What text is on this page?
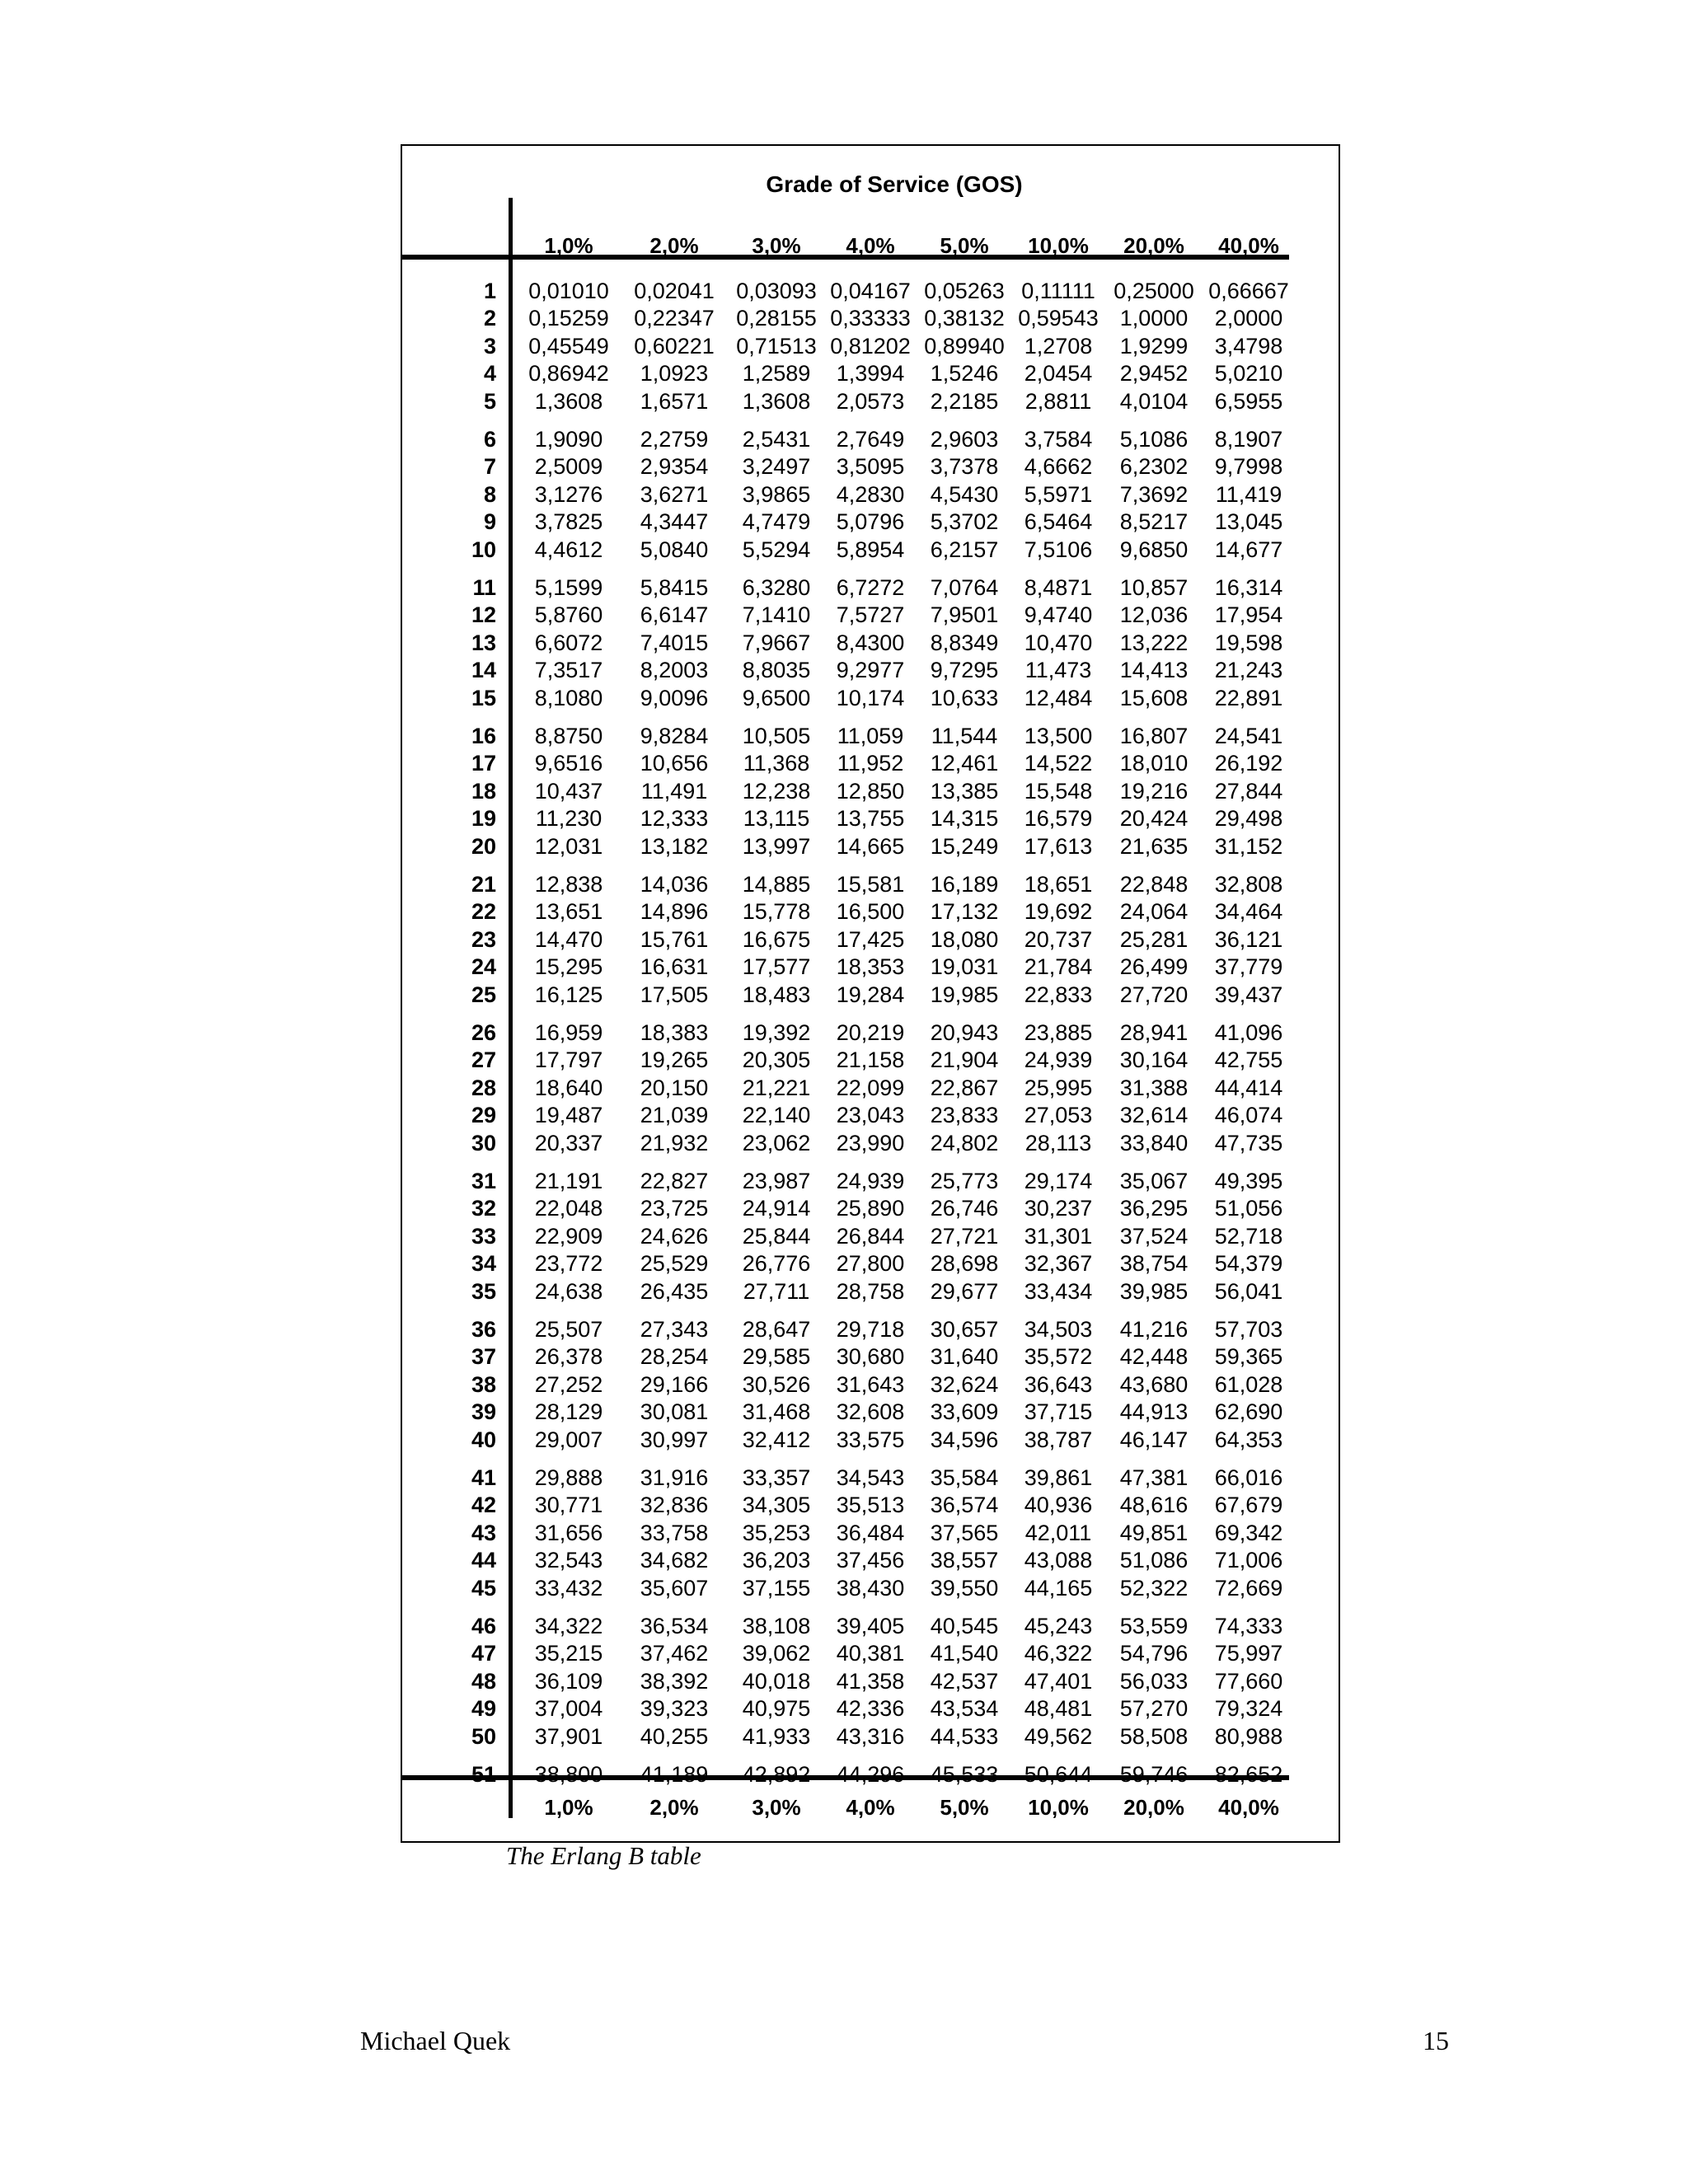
Grade of Service (GOS)
1,0%	2,0%	3,0%	4,0%	5,0%	10,0%	20,0%	40,0%
1	0,01010	0,02041 0,03093 0,04167 0,05263 0,11111 0,25000 0,66667
2	0,15259	0,22347 0,28155 0,33333 0,38132 0,59543 1,0000	2,0000
3	0,45549	0,60221 0,71513 0,81202 0,89940 1,2708	1,9299	3,4798
4	0,86942	1,0923	1,2589	1,3994	1,5246	2,0454	2,9452	5,0210
5	1,3608	1,6571	1,3608	2,0573	2,2185	2,8811	4,0104	6,5955
6	1,9090	2,2759	2,5431	2,7649	2,9603	3,7584	5,1086	8,1907
7	2,5009	2,9354	3,2497	3,5095	3,7378	4,6662	6,2302	9,7998
8	3,1276	3,6271	3,9865	4,2830	4,5430	5,5971	7,3692	11,419
9	3,7825	4,3447	4,7479	5,0796	5,3702	6,5464	8,5217	13,045
10	4,4612	5,0840	5,5294	5,8954	6,2157	7,5106	9,6850	14,677
11	5,1599	5,8415	6,3280	6,7272	7,0764	8,4871	10,857	16,314
12	5,8760	6,6147	7,1410	7,5727	7,9501	9,4740	12,036	17,954
13	6,6072	7,4015	7,9667	8,4300	8,8349	10,470	13,222	19,598
14	7,3517	8,2003	8,8035	9,2977	9,7295	11,473	14,413	21,243
15	8,1080	9,0096	9,6500	10,174	10,633	12,484	15,608	22,891
16	8,8750	9,8284	10,505	11,059	11,544	13,500	16,807	24,541
17	9,6516	10,656	11,368	11,952	12,461	14,522	18,010	26,192
18	10,437	11,491	12,238	12,850	13,385	15,548	19,216	27,844
19	11,230	12,333	13,115	13,755	14,315	16,579	20,424	29,498
20	12,031	13,182	13,997	14,665	15,249	17,613	21,635	31,152
21	12,838	14,036	14,885	15,581	16,189	18,651	22,848	32,808
22	13,651	14,896	15,778	16,500	17,132	19,692	24,064	34,464
23	14,470	15,761	16,675	17,425	18,080	20,737	25,281	36,121
24	15,295	16,631	17,577	18,353	19,031	21,784	26,499	37,779
25	16,125	17,505	18,483	19,284	19,985	22,833	27,720	39,437
26	16,959	18,383	19,392	20,219	20,943	23,885	28,941	41,096
27	17,797	19,265	20,305	21,158	21,904	24,939	30,164	42,755
28	18,640	20,150	21,221	22,099	22,867	25,995	31,388	44,414
29	19,487	21,039	22,140	23,043	23,833	27,053	32,614	46,074
30	20,337	21,932	23,062	23,990	24,802	28,113	33,840	47,735
31	21,191	22,827	23,987	24,939	25,773	29,174	35,067	49,395
32	22,048	23,725	24,914	25,890	26,746	30,237	36,295	51,056
33	22,909	24,626	25,844	26,844	27,721	31,301	37,524	52,718
34	23,772	25,529	26,776	27,800	28,698	32,367	38,754	54,379
35	24,638	26,435	27,711	28,758	29,677	33,434	39,985	56,041
36	25,507	27,343	28,647	29,718	30,657	34,503	41,216	57,703
37	26,378	28,254	29,585	30,680	31,640	35,572	42,448	59,365
38	27,252	29,166	30,526	31,643	32,624	36,643	43,680	61,028
39	28,129	30,081	31,468	32,608	33,609	37,715	44,913	62,690
40	29,007	30,997	32,412	33,575	34,596	38,787	46,147	64,353
41	29,888	31,916	33,357	34,543	35,584	39,861	47,381	66,016
42	30,771	32,836	34,305	35,513	36,574	40,936	48,616	67,679
43	31,656	33,758	35,253	36,484	37,565	42,011	49,851	69,342
44	32,543	34,682	36,203	37,456	38,557	43,088	51,086	71,006
45	33,432	35,607	37,155	38,430	39,550	44,165	52,322	72,669
46	34,322	36,534	38,108	39,405	40,545	45,243	53,559	74,333
47	35,215	37,462	39,062	40,381	41,540	46,322	54,796	75,997
48	36,109	38,392	40,018	41,358	42,537	47,401	56,033	77,660
49	37,004	39,323	40,975	42,336	43,534	48,481	57,270	79,324
50	37,901	40,255	41,933	43,316	44,533	49,562	58,508	80,988
51	38,800	41,189	42,892	44,296	45,533	50,644	59,746	82,652
1,0%	2,0%	3,0%	4,0%	5,0%	10,0%	20,0%	40,0%
The Erlang B table
Michael Quek	15
